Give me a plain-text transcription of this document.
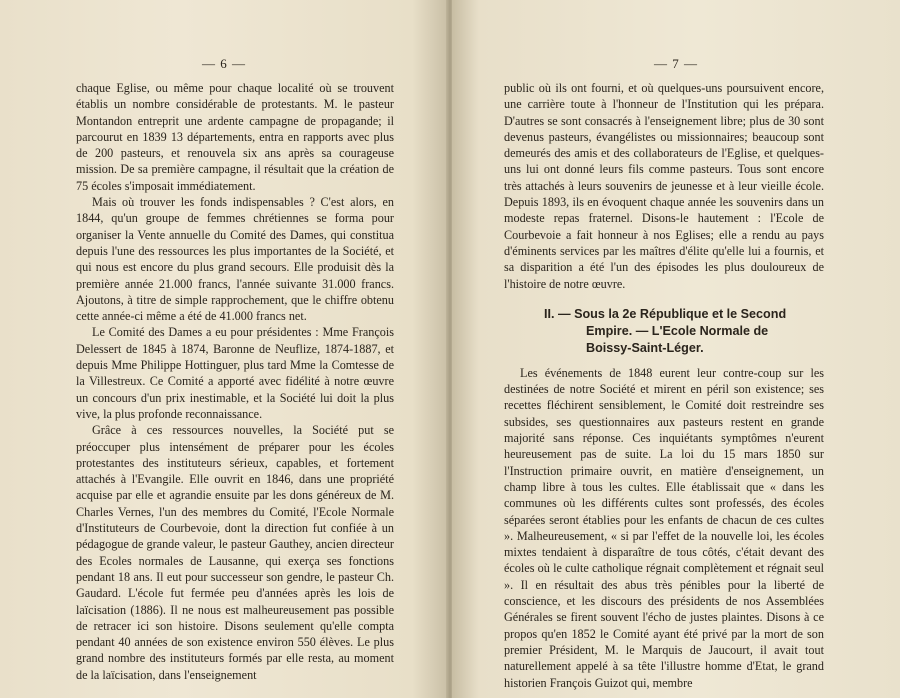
— 6 —

chaque Eglise, ou même pour chaque localité où se trouvent établis un nombre considérable de protestants. M. le pasteur Montandon entreprit une ardente campagne de propagande; il parcourut en 1839 13 départements, entra en rapports avec plus de 200 pasteurs, et renouvela six ans après sa courageuse mission. De sa première campagne, il résultait que la création de 75 écoles s'imposait immédiatement.

Mais où trouver les fonds indispensables ? C'est alors, en 1844, qu'un groupe de femmes chrétiennes se forma pour organiser la Vente annuelle du Comité des Dames, qui constitua depuis l'une des ressources les plus importantes de la Société, et qui nous est encore du plus grand secours. Elle produisit dès la première année 21.000 francs, l'année suivante 31.000 francs. Ajoutons, à titre de simple rapprochement, que le chiffre obtenu cette année-ci même a été de 41.000 francs net.

Le Comité des Dames a eu pour présidentes : Mme François Delessert de 1845 à 1874, Baronne de Neuflize, 1874-1887, et depuis Mme Philippe Hottinguer, plus tard Mme la Comtesse de la Villestreux. Ce Comité a apporté avec fidélité à notre œuvre un concours d'un prix inestimable, et la Société lui doit la plus vive, la plus profonde reconnaissance.

Grâce à ces ressources nouvelles, la Société put se préoccuper plus intensément de préparer pour les écoles protestantes des instituteurs sérieux, capables, et fortement attachés à l'Evangile. Elle ouvrit en 1846, dans une propriété acquise par elle et agrandie ensuite par les dons généreux de M. Charles Vernes, l'un des membres du Comité, l'Ecole Normale d'Instituteurs de Courbevoie, dont la direction fut confiée à un pédagogue de grande valeur, le pasteur Gauthey, ancien directeur des Ecoles normales de Lausanne, qui exerça ses fonctions pendant 18 ans. Il eut pour successeur son gendre, le pasteur Ch. Gaudard. L'école fut fermée peu d'années après les lois de laïcisation (1886). Il ne nous est malheureusement pas possible de retracer ici son histoire. Disons seulement qu'elle compta pendant 40 années de son existence environ 550 élèves. Le plus grand nombre des instituteurs formés par elle resta, au moment de la laïcisation, dans l'enseignement

— 7 —

public où ils ont fourni, et où quelques-uns poursuivent encore, une carrière toute à l'honneur de l'Institution qui les prépara. D'autres se sont consacrés à l'enseignement libre; plus de 30 sont devenus pasteurs, évangélistes ou missionnaires; beaucoup sont demeurés des amis et des collaborateurs de l'Eglise, et quelques-uns lui ont donné leurs fils comme pasteurs. Tous sont encore très attachés à leurs souvenirs de jeunesse et à leur vieille école. Depuis 1893, ils en évoquent chaque année les souvenirs dans un modeste repas fraternel. Disons-le hautement : l'Ecole de Courbevoie a fait honneur à nos Eglises; elle a rendu au pays d'éminents services par les maîtres d'élite qu'elle lui a fournis, et sa disparition a été l'un des épisodes les plus douloureux de l'histoire de notre œuvre.

II. — Sous la 2e République et le Second
Empire. — L'Ecole Normale de
Boissy-Saint-Léger.

Les événements de 1848 eurent leur contre-coup sur les destinées de notre Société et mirent en péril son existence; ses recettes fléchirent sensiblement, le Comité doit restreindre ses subsides, ses questionnaires aux pasteurs restent en grande majorité sans réponse. Ces inquiétants symptômes n'eurent heureusement pas de suite. La loi du 15 mars 1850 sur l'Instruction primaire ouvrit, en matière d'enseignement, un champ libre à tous les cultes. Elle établissait que « dans les communes où les différents cultes sont professés, des écoles séparées seront établies pour les enfants de chacun de ces cultes ». Malheureusement, « si par l'effet de la nouvelle loi, les écoles mixtes tendaient à disparaître de tous côtés, c'était devant des écoles où le culte catholique régnait complètement et régnait seul ». Il en résultait des abus très pénibles pour la liberté de conscience, et les discours des présidents de nos Assemblées Générales se firent souvent l'écho de justes plaintes. Disons à ce propos qu'en 1852 le Comité ayant été privé par la mort de son premier Président, M. le Marquis de Jaucourt, il avait tout naturellement appelé à sa tête l'illustre homme d'Etat, le grand historien François Guizot qui, membre
